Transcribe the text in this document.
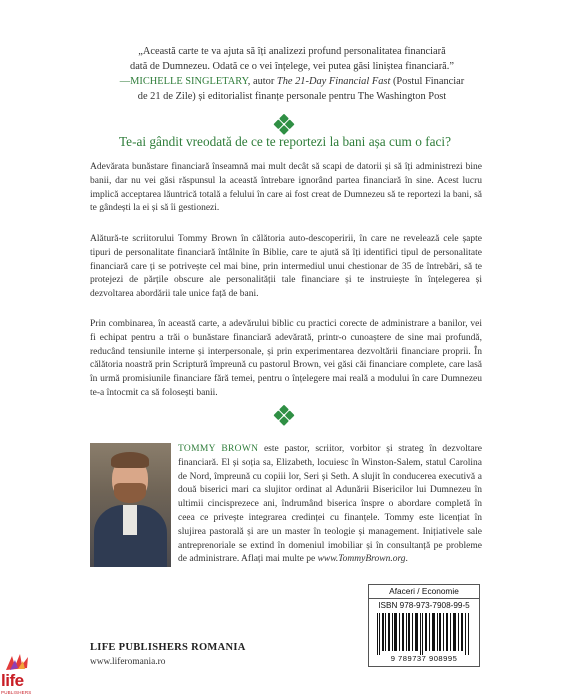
„Această carte te va ajuta să îți analizezi profund personalitatea financiară
dată de Dumnezeu. Odată ce o vei înțelege, vei putea găsi liniștea financiară.”
—MICHELLE SINGLETARY, autor The 21-Day Financial Fast (Postul Financiar
de 21 de Zile) și editorialist finanțe personale pentru The Washington Post
Te-ai gândit vreodată de ce te reportezi la bani așa cum o faci?
Adevărata bunăstare financiară înseamnă mai mult decât să scapi de datorii și să îți administrezi bine banii, dar nu vei găsi răspunsul la această întrebare ignorând partea financiară în sine. Acest lucru implică acceptarea lăuntrică totală a felului în care ai fost creat de Dumnezeu să te reportezi la bani, să te gândești la ei și să îi gestionezi.
Alătură-te scriitorului Tommy Brown în călătoria auto-descoperirii, în care ne revelează cele șapte tipuri de personalitate financiară întâlnite în Biblie, care te ajută să îți identifici tipul de personalitate financiară care ți se potrivește cel mai bine, prin intermediul unui chestionar de 35 de întrebări, să te protejezi de părțile obscure ale personalității tale financiare și te instruiește în înțelegerea și dezvoltarea abordării tale unice față de bani.
Prin combinarea, în această carte, a adevărului biblic cu practici corecte de administrare a banilor, vei fi echipat pentru a trăi o bunăstare financiară adevărată, printr-o cunoaștere de sine mai profundă, reducând tensiunile interne și interpersonale, și prin experimentarea dezvoltării financiare proprii. În călătoria noastră prin Scriptură împreună cu pastorul Brown, vei găsi căi financiare complete, care lasă în urmă promisiunile financiare fără temei, pentru o înțelegere mai reală a modului în care Dumnezeu te-a întocmit ca să folosești banii.
TOMMY BROWN este pastor, scriitor, vorbitor și strateg în dezvoltare financiară. El și soția sa, Elizabeth, locuiesc în Winston-Salem, statul Carolina de Nord, împreună cu copiii lor, Seri și Seth. A slujit în conducerea executivă a două biserici mari ca slujitor ordinat al Adunării Bisericilor lui Dumnezeu în ultimii cincisprezece ani, îndrumând biserica înspre o abordare completă în ceea ce privește integrarea credinței cu finanțele. Tommy este licențiat în slujirea pastorală și are un master în teologie și management. Inițiativele sale antreprenoriale se extind în domeniul imobiliar și în consultanță pe probleme de administrare. Aflați mai multe pe www.TommyBrown.org.
Afaceri / Economie
ISBN 978-973-7908-99-5
9 789737 908995
LIFE PUBLISHERS ROMANIA
www.liferomania.ro
life
PUBLISHERS
